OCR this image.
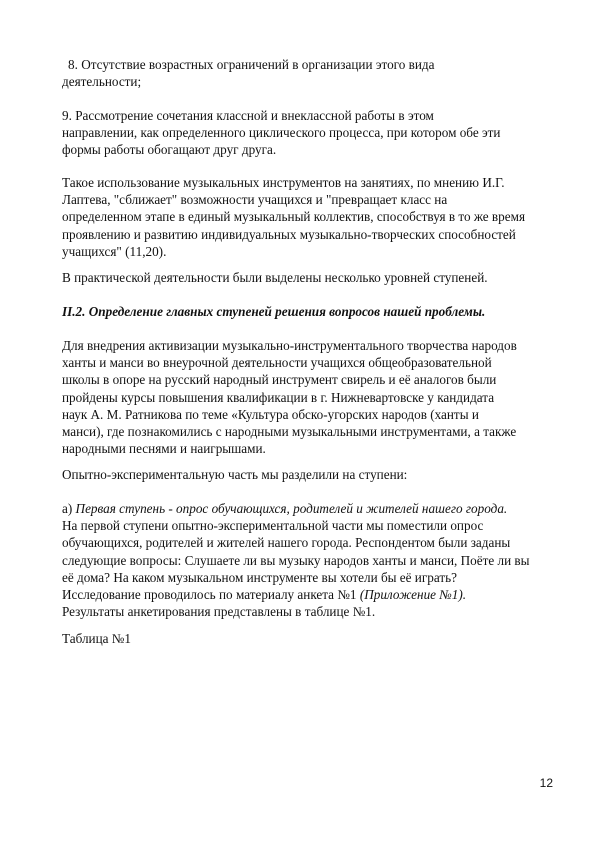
8. Отсутствие возрастных ограничений в организации этого вида
деятельности;

9. Рассмотрение сочетания классной и внеклассной работы в этом
направлении, как определенного циклического процесса, при котором обе эти
формы работы обогащают друг друга.

Такое использование музыкальных инструментов на занятиях, по мнению И.Г.
Лаптева, "сближает" возможности учащихся и "превращает класс на
определенном этапе в единый музыкальный коллектив, способствуя в то же время
проявлению и развитию индивидуальных музыкально-творческих способностей
учащихся" (11,20).

В практической деятельности были выделены несколько уровней ступеней.

II.2. Определение главных ступеней решения вопросов нашей проблемы.

Для внедрения активизации музыкально-инструментального творчества народов
ханты и манси во внеурочной деятельности учащихся общеобразовательной
школы в опоре на русский народный инструмент свирель и её аналогов были
пройдены курсы повышения квалификации в г. Нижневартовске у кандидата
наук А. М. Ратникова по теме «Культура обско-угорских народов (ханты и
манси), где познакомились с народными музыкальными инструментами, а также
народными песнями и наигрышами.

Опытно-экспериментальную часть мы разделили на ступени:

а) Первая ступень - опрос обучающихся, родителей и жителей нашего города.
На первой ступени опытно-экспериментальной части мы поместили опрос
обучающихся, родителей и жителей нашего города. Респондентом были заданы
следующие вопросы: Слушаете ли вы музыку народов ханты и манси, Поёте ли вы
её дома? На каком музыкальном инструменте вы хотели бы её играть?
Исследование проводилось по материалу анкета №1 (Приложение №1).
Результаты анкетирования представлены в таблице №1.

Таблица №1

12
